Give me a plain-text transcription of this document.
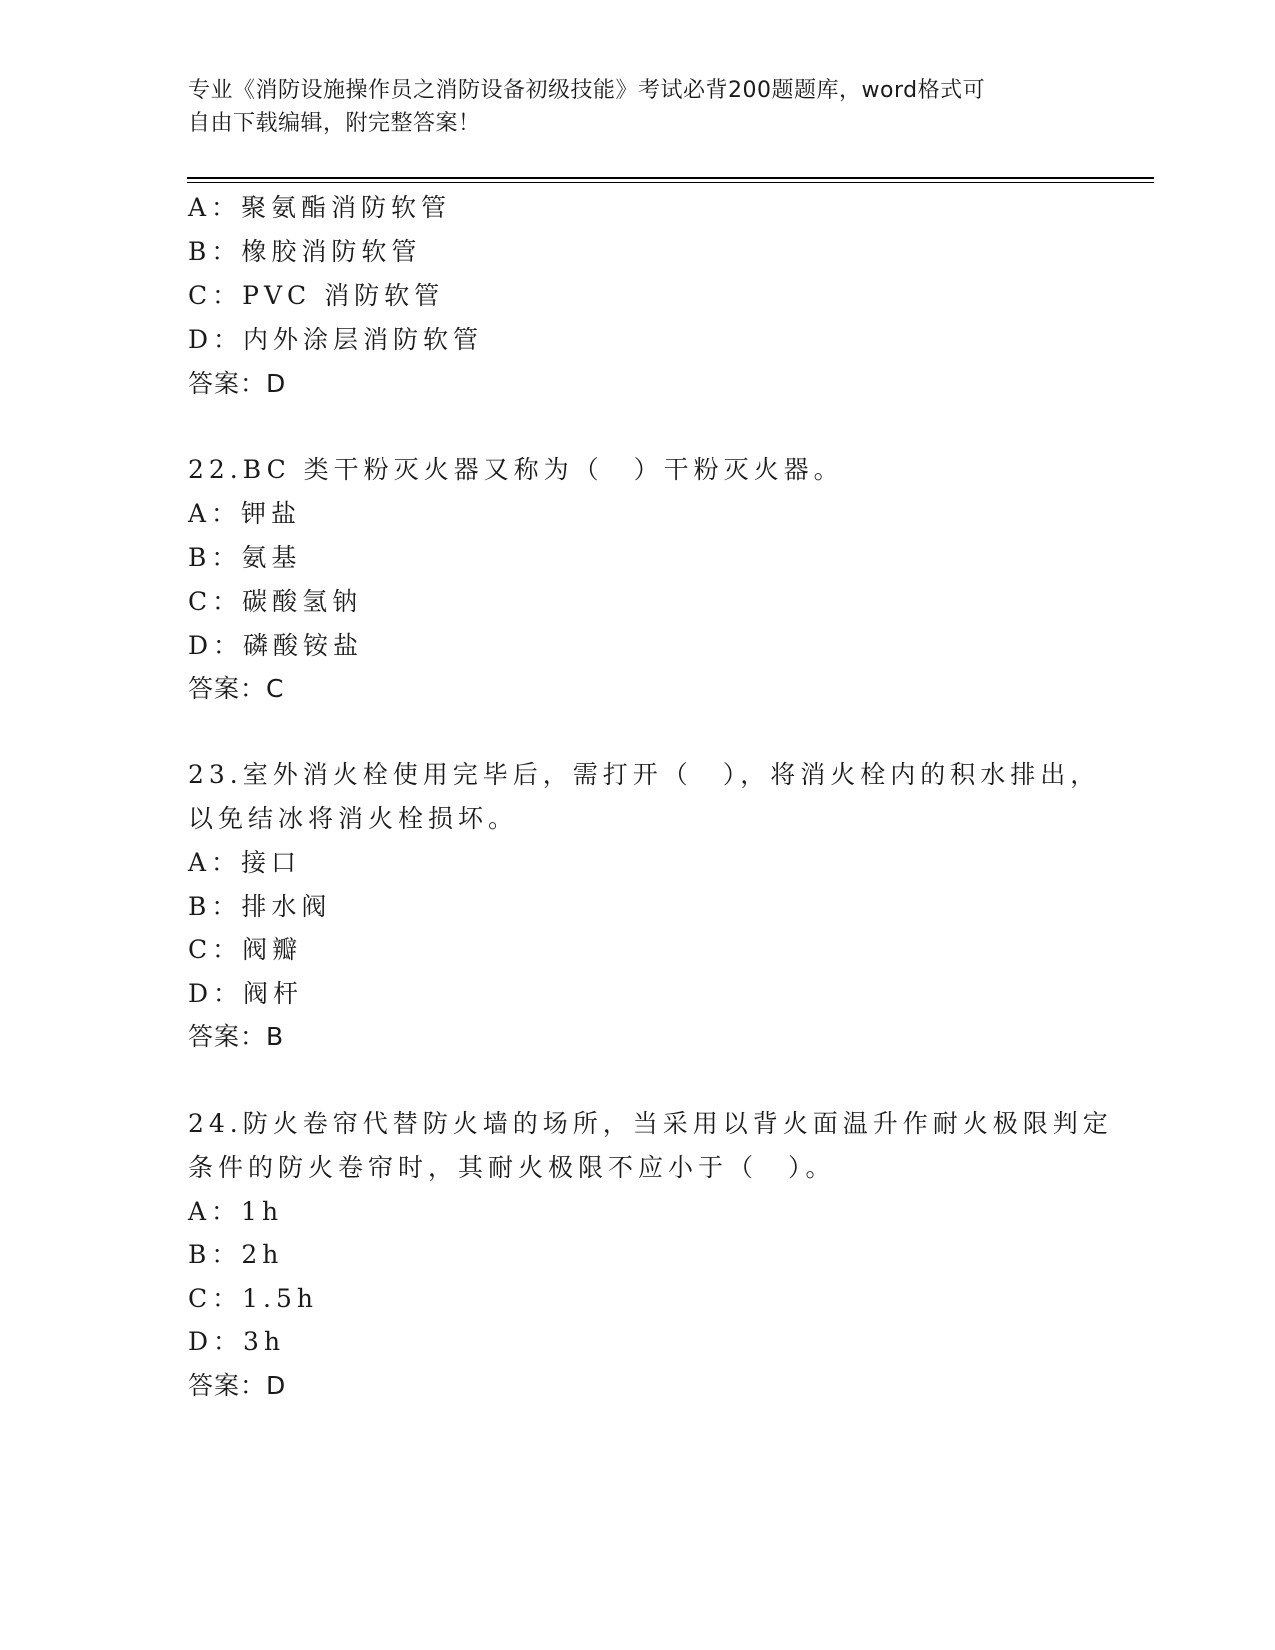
专业《消防设施操作员之消防设备初级技能》考试必背200题题库，word格式可
自由下载编辑，附完整答案！
A：聚氨酯消防软管
B：橡胶消防软管
C：PVC 消防软管
D：内外涂层消防软管
答案：D
22.BC 类干粉灭火器又称为（　）干粉灭火器。
A：钾盐
B：氨基
C：碳酸氢钠
D：磷酸铵盐
答案：C
23.室外消火栓使用完毕后，需打开（　），将消火栓内的积水排出，
以免结冰将消火栓损坏。
A：接口
B：排水阀
C：阀瓣
D：阀杆
答案：B
24.防火卷帘代替防火墙的场所，当采用以背火面温升作耐火极限判定
条件的防火卷帘时，其耐火极限不应小于（　）。
A：1h
B：2h
C：1.5h
D：3h
答案：D
